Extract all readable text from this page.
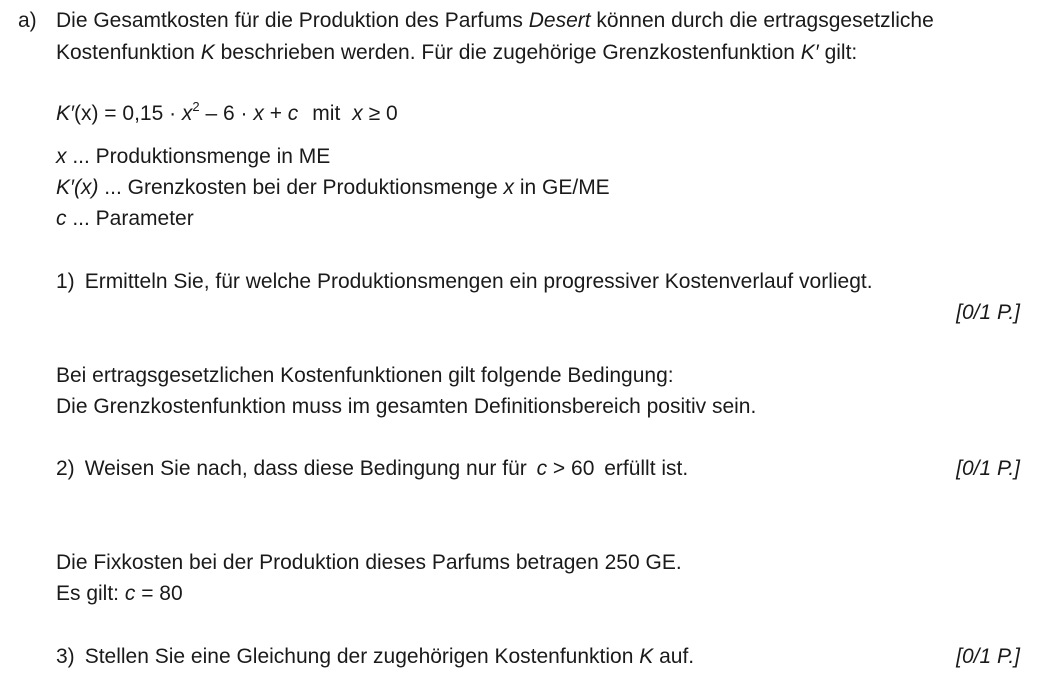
a) Die Gesamtkosten für die Produktion des Parfums Desert können durch die ertragsgesetzliche
Kostenfunktion K beschrieben werden. Für die zugehörige Grenzkostenfunktion K′ gilt:
$K'(x) = 0,15 \cdot x^2 - 6 \cdot x + c$ mit x ≥ 0
x ... Produktionsmenge in ME
K′(x) ... Grenzkosten bei der Produktionsmenge x in GE/ME
c ... Parameter
1) Ermitteln Sie, für welche Produktionsmengen ein progressiver Kostenverlauf vorliegt.
[0/1 P.]
Bei ertragsgesetzlichen Kostenfunktionen gilt folgende Bedingung:
Die Grenzkostenfunktion muss im gesamten Definitionsbereich positiv sein.
2) Weisen Sie nach, dass diese Bedingung nur für c > 60 erfüllt ist.	[0/1 P.]
Die Fixkosten bei der Produktion dieses Parfums betragen 250 GE.
Es gilt: c = 80
3) Stellen Sie eine Gleichung der zugehörigen Kostenfunktion K auf.	[0/1 P.]
